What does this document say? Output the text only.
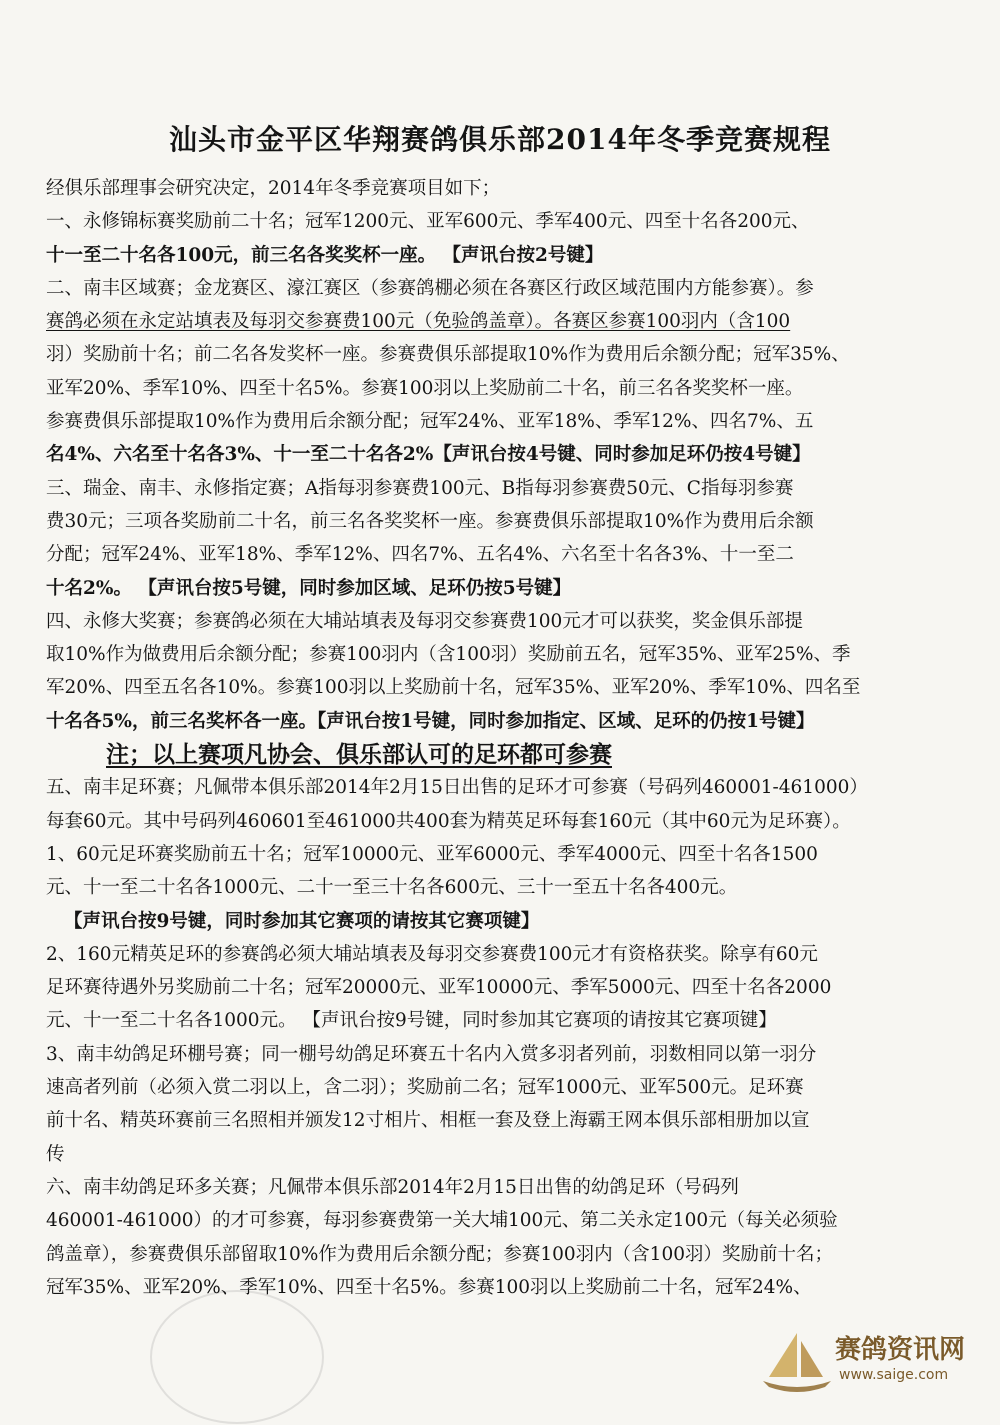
汕头市金平区华翔赛鸽俱乐部2014年冬季竞赛规程
经俱乐部理事会研究决定，2014年冬季竞赛项目如下；
一、永修锦标赛奖励前二十名；冠军1200元、亚军600元、季军400元、四至十名各200元、
十一至二十名各100元，前三名各奖奖杯一座。 【声讯台按2号键】
二、南丰区域赛；金龙赛区、濠江赛区（参赛鸽棚必须在各赛区行政区域范围内方能参赛）。参
赛鸽必须在永定站填表及每羽交参赛费100元（免验鸽盖章）。各赛区参赛100羽内（含100
羽）奖励前十名；前二名各发奖杯一座。参赛费俱乐部提取10%作为费用后余额分配；冠军35%、
亚军20%、季军10%、四至十名5%。参赛100羽以上奖励前二十名，前三名各奖奖杯一座。
参赛费俱乐部提取10%作为费用后余额分配；冠军24%、亚军18%、季军12%、四名7%、五
名4%、六名至十名各3%、十一至二十名各2%【声讯台按4号键、同时参加足环仍按4号键】
三、瑞金、南丰、永修指定赛；A指每羽参赛费100元、B指每羽参赛费50元、C指每羽参赛
费30元；三项各奖励前二十名，前三名各奖奖杯一座。参赛费俱乐部提取10%作为费用后余额
分配；冠军24%、亚军18%、季军12%、四名7%、五名4%、六名至十名各3%、十一至二
十名2%。 【声讯台按5号键，同时参加区域、足环仍按5号键】
四、永修大奖赛；参赛鸽必须在大埔站填表及每羽交参赛费100元才可以获奖，奖金俱乐部提
取10%作为做费用后余额分配；参赛100羽内（含100羽）奖励前五名，冠军35%、亚军25%、季
军20%、四至五名各10%。参赛100羽以上奖励前十名，冠军35%、亚军20%、季军10%、四名至
十名各5%，前三名奖杯各一座。【声讯台按1号键，同时参加指定、区域、足环的仍按1号键】
注；以上赛项凡协会、俱乐部认可的足环都可参赛
五、南丰足环赛；凡佩带本俱乐部2014年2月15日出售的足环才可参赛（号码列460001-461000）
每套60元。其中号码列460601至461000共400套为精英足环每套160元（其中60元为足环赛）。
1、60元足环赛奖励前五十名；冠军10000元、亚军6000元、季军4000元、四至十名各1500
元、十一至二十名各1000元、二十一至三十名各600元、三十一至五十名各400元。
【声讯台按9号键，同时参加其它赛项的请按其它赛项键】
2、160元精英足环的参赛鸽必须大埔站填表及每羽交参赛费100元才有资格获奖。除享有60元
足环赛待遇外另奖励前二十名；冠军20000元、亚军10000元、季军5000元、四至十名各2000
元、十一至二十名各1000元。 【声讯台按9号键，同时参加其它赛项的请按其它赛项键】
3、南丰幼鸽足环棚号赛；同一棚号幼鸽足环赛五十名内入赏多羽者列前，羽数相同以第一羽分
速高者列前（必须入赏二羽以上，含二羽）；奖励前二名；冠军1000元、亚军500元。足环赛
前十名、精英环赛前三名照相并颁发12寸相片、相框一套及登上海霸王网本俱乐部相册加以宣
传
六、南丰幼鸽足环多关赛；凡佩带本俱乐部2014年2月15日出售的幼鸽足环（号码列
460001-461000）的才可参赛，每羽参赛费第一关大埔100元、第二关永定100元（每关必须验
鸽盖章），参赛费俱乐部留取10%作为费用后余额分配；参赛100羽内（含100羽）奖励前十名；
冠军35%、亚军20%、季军10%、四至十名5%。参赛100羽以上奖励前二十名，冠军24%、
赛鸽资讯网
www.saige.com
